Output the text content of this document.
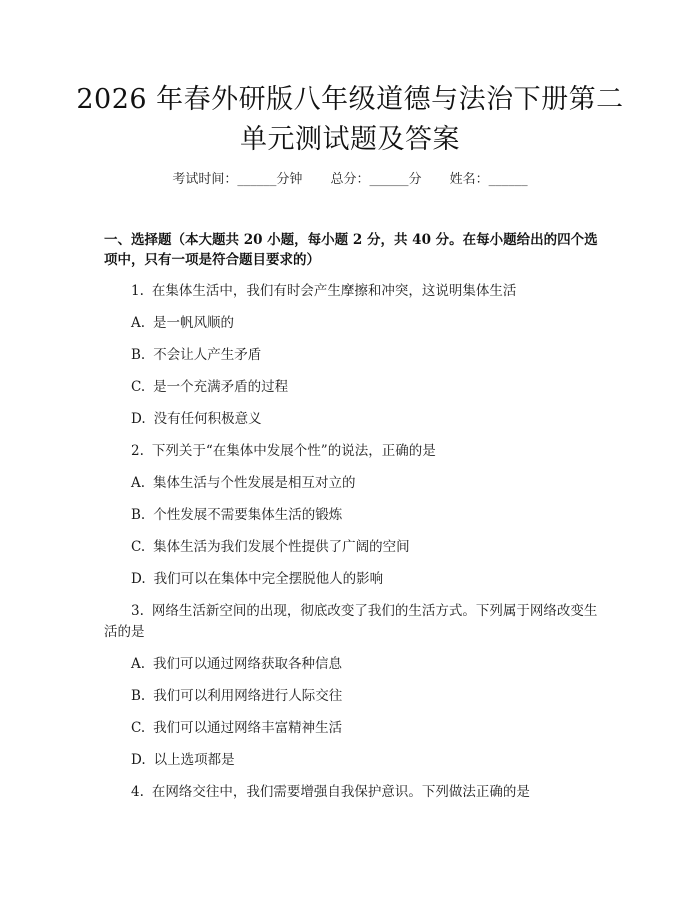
2026 年春外研版八年级道德与法治下册第二
单元测试题及答案
考试时间：______分钟 总分：______分 姓名：______
一、选择题（本大题共 20 小题，每小题 2 分，共 40 分。在每小题给出的四个选项中，只有一项是符合题目要求的）
1. 在集体生活中，我们有时会产生摩擦和冲突，这说明集体生活
A. 是一帆风顺的
B. 不会让人产生矛盾
C. 是一个充满矛盾的过程
D. 没有任何积极意义
2. 下列关于“在集体中发展个性”的说法，正确的是
A. 集体生活与个性发展是相互对立的
B. 个性发展不需要集体生活的锻炼
C. 集体生活为我们发展个性提供了广阔的空间
D. 我们可以在集体中完全摆脱他人的影响
3. 网络生活新空间的出现，彻底改变了我们的生活方式。下列属于网络改变生活的是
A. 我们可以通过网络获取各种信息
B. 我们可以利用网络进行人际交往
C. 我们可以通过网络丰富精神生活
D. 以上选项都是
4. 在网络交往中，我们需要增强自我保护意识。下列做法正确的是
